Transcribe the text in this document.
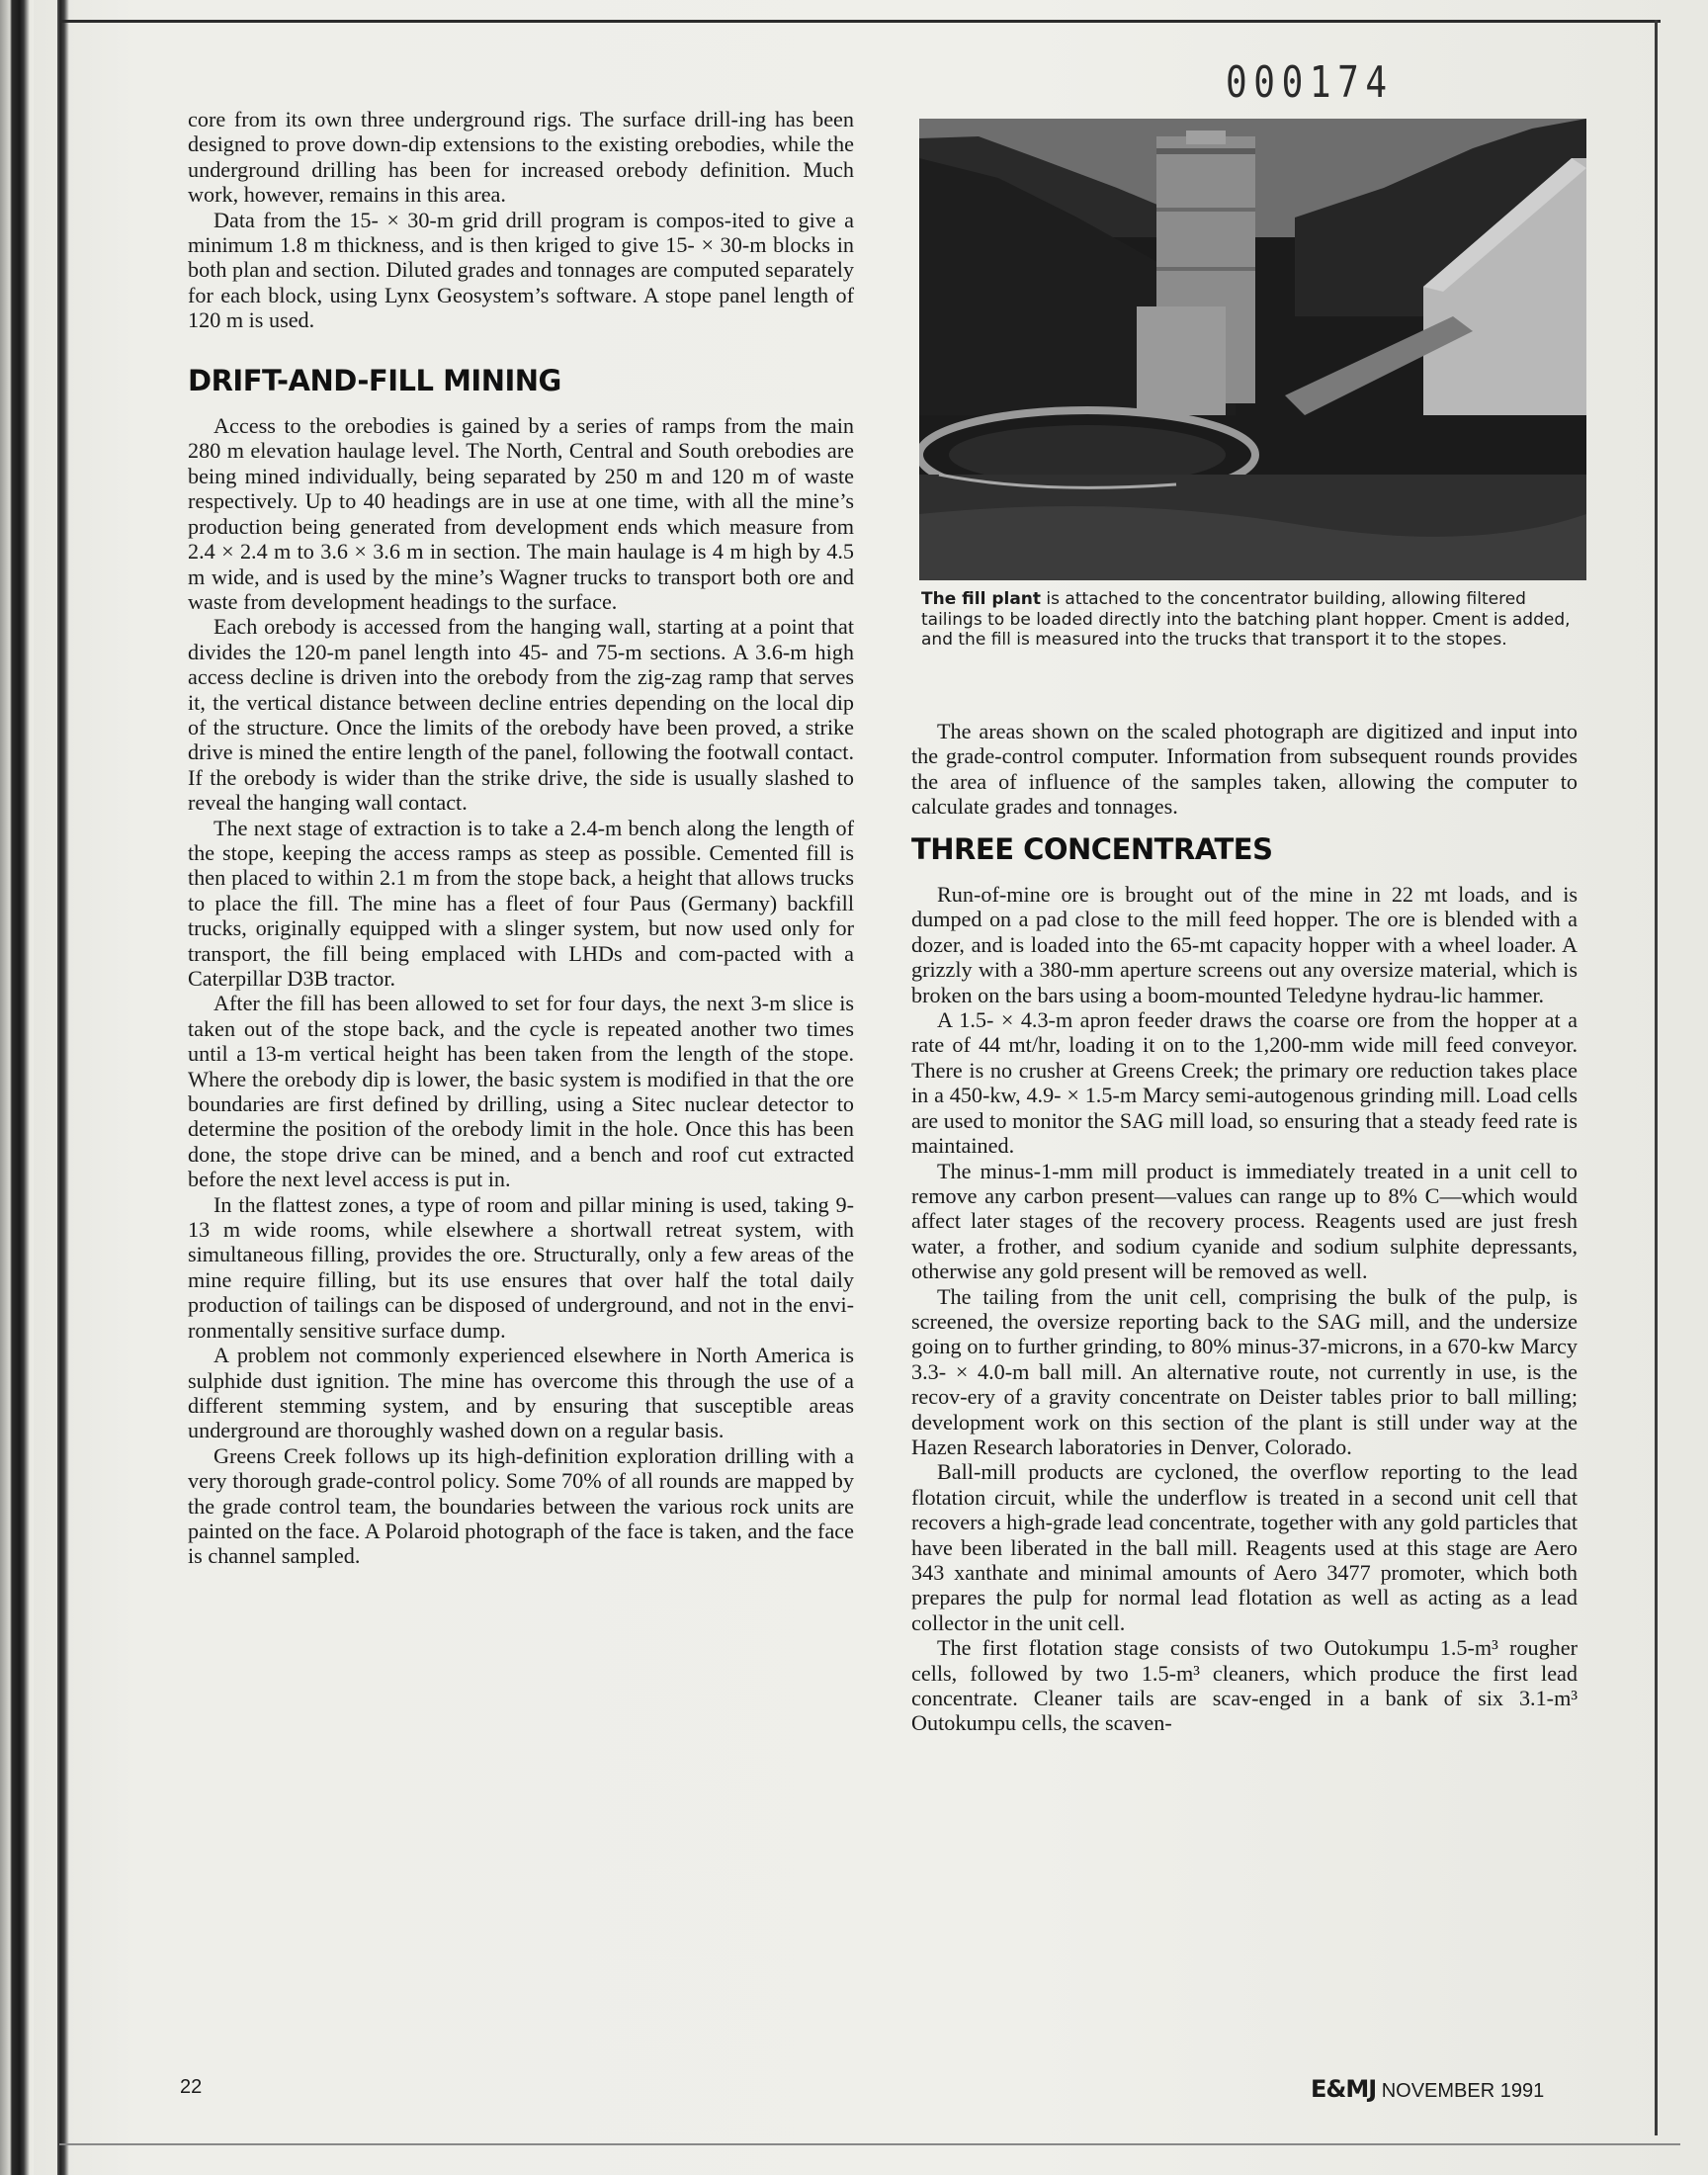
000174

core from its own three underground rigs. The surface drill-ing has been designed to prove down-dip extensions to the existing orebodies, while the underground drilling has been for increased orebody definition. Much work, however, remains in this area.

Data from the 15- × 30-m grid drill program is compos-ited to give a minimum 1.8 m thickness, and is then kriged to give 15- × 30-m blocks in both plan and section. Diluted grades and tonnages are computed separately for each block, using Lynx Geosystem’s software. A stope panel length of 120 m is used.

DRIFT-AND-FILL MINING

Access to the orebodies is gained by a series of ramps from the main 280 m elevation haulage level. The North, Central and South orebodies are being mined individually, being separated by 250 m and 120 m of waste respectively. Up to 40 headings are in use at one time, with all the mine’s production being generated from development ends which measure from 2.4 × 2.4 m to 3.6 × 3.6 m in section. The main haulage is 4 m high by 4.5 m wide, and is used by the mine’s Wagner trucks to transport both ore and waste from development headings to the surface.

Each orebody is accessed from the hanging wall, starting at a point that divides the 120-m panel length into 45- and 75-m sections. A 3.6-m high access decline is driven into the orebody from the zig-zag ramp that serves it, the vertical distance between decline entries depending on the local dip of the structure. Once the limits of the orebody have been proved, a strike drive is mined the entire length of the panel, following the footwall contact. If the orebody is wider than the strike drive, the side is usually slashed to reveal the hanging wall contact.

The next stage of extraction is to take a 2.4-m bench along the length of the stope, keeping the access ramps as steep as possible. Cemented fill is then placed to within 2.1 m from the stope back, a height that allows trucks to place the fill. The mine has a fleet of four Paus (Germany) backfill trucks, originally equipped with a slinger system, but now used only for transport, the fill being emplaced with LHDs and com-pacted with a Caterpillar D3B tractor.

After the fill has been allowed to set for four days, the next 3-m slice is taken out of the stope back, and the cycle is repeated another two times until a 13-m vertical height has been taken from the length of the stope. Where the orebody dip is lower, the basic system is modified in that the ore boundaries are first defined by drilling, using a Sitec nuclear detector to determine the position of the orebody limit in the hole. Once this has been done, the stope drive can be mined, and a bench and roof cut extracted before the next level access is put in.

In the flattest zones, a type of room and pillar mining is used, taking 9-13 m wide rooms, while elsewhere a shortwall retreat system, with simultaneous filling, provides the ore. Structurally, only a few areas of the mine require filling, but its use ensures that over half the total daily production of tailings can be disposed of underground, and not in the envi-ronmentally sensitive surface dump.

A problem not commonly experienced elsewhere in North America is sulphide dust ignition. The mine has overcome this through the use of a different stemming system, and by ensuring that susceptible areas underground are thoroughly washed down on a regular basis.

Greens Creek follows up its high-definition exploration drilling with a very thorough grade-control policy. Some 70% of all rounds are mapped by the grade control team, the boundaries between the various rock units are painted on the face. A Polaroid photograph of the face is taken, and the face is channel sampled.

The fill plant is attached to the concentrator building, allowing filtered tailings to be loaded directly into the batching plant hopper. Cment is added, and the fill is measured into the trucks that transport it to the stopes.

The areas shown on the scaled photograph are digitized and input into the grade-control computer. Information from subsequent rounds provides the area of influence of the samples taken, allowing the computer to calculate grades and tonnages.

THREE CONCENTRATES

Run-of-mine ore is brought out of the mine in 22 mt loads, and is dumped on a pad close to the mill feed hopper. The ore is blended with a dozer, and is loaded into the 65-mt capacity hopper with a wheel loader. A grizzly with a 380-mm aperture screens out any oversize material, which is broken on the bars using a boom-mounted Teledyne hydrau-lic hammer.

A 1.5- × 4.3-m apron feeder draws the coarse ore from the hopper at a rate of 44 mt/hr, loading it on to the 1,200-mm wide mill feed conveyor. There is no crusher at Greens Creek; the primary ore reduction takes place in a 450-kw, 4.9- × 1.5-m Marcy semi-autogenous grinding mill. Load cells are used to monitor the SAG mill load, so ensuring that a steady feed rate is maintained.

The minus-1-mm mill product is immediately treated in a unit cell to remove any carbon present—values can range up to 8% C—which would affect later stages of the recovery process. Reagents used are just fresh water, a frother, and sodium cyanide and sodium sulphite depressants, otherwise any gold present will be removed as well.

The tailing from the unit cell, comprising the bulk of the pulp, is screened, the oversize reporting back to the SAG mill, and the undersize going on to further grinding, to 80% minus-37-microns, in a 670-kw Marcy 3.3- × 4.0-m ball mill. An alternative route, not currently in use, is the recov-ery of a gravity concentrate on Deister tables prior to ball milling; development work on this section of the plant is still under way at the Hazen Research laboratories in Denver, Colorado.

Ball-mill products are cycloned, the overflow reporting to the lead flotation circuit, while the underflow is treated in a second unit cell that recovers a high-grade lead concentrate, together with any gold particles that have been liberated in the ball mill. Reagents used at this stage are Aero 343 xanthate and minimal amounts of Aero 3477 promoter, which both prepares the pulp for normal lead flotation as well as acting as a lead collector in the unit cell.

The first flotation stage consists of two Outokumpu 1.5-m³ rougher cells, followed by two 1.5-m³ cleaners, which produce the first lead concentrate. Cleaner tails are scav-enged in a bank of six 3.1-m³ Outokumpu cells, the scaven-

22	E&MJ NOVEMBER 1991
